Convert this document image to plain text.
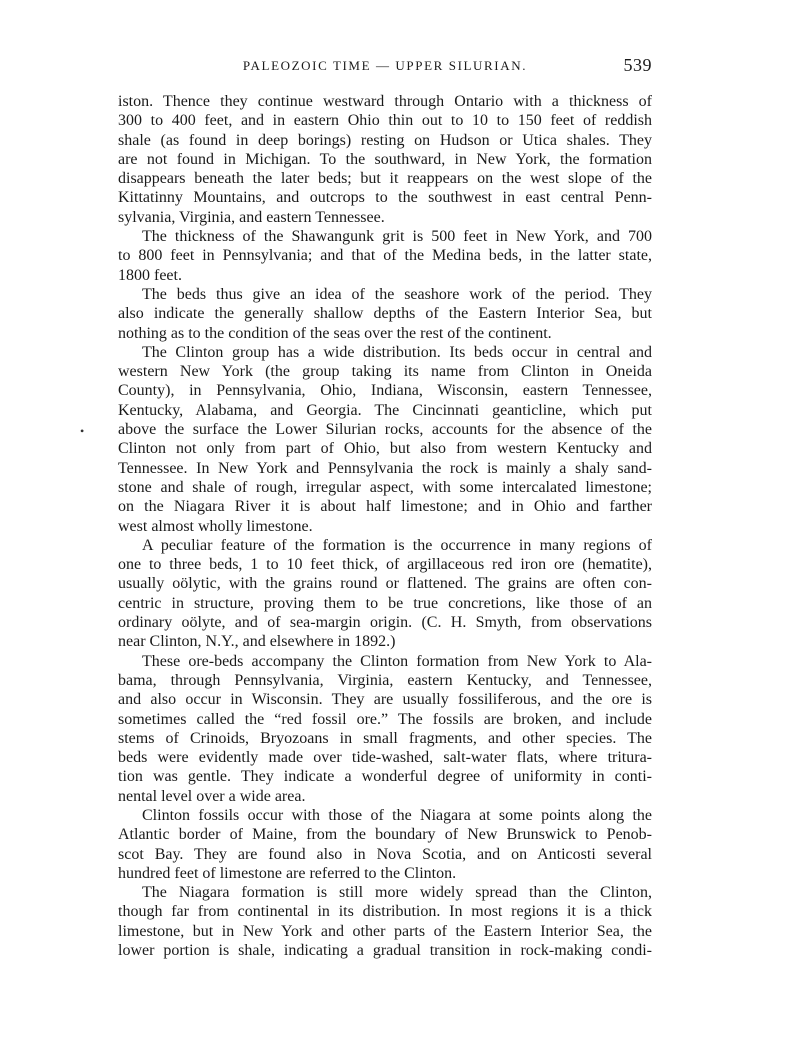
PALEOZOIC TIME — UPPER SILURIAN.	539
•
iston. Thence they continue westward through Ontario with a thickness of
300 to 400 feet, and in eastern Ohio thin out to 10 to 150 feet of reddish
shale (as found in deep borings) resting on Hudson or Utica shales. They
are not found in Michigan. To the southward, in New York, the formation
disappears beneath the later beds; but it reappears on the west slope of the
Kittatinny Mountains, and outcrops to the southwest in east central Penn-
sylvania, Virginia, and eastern Tennessee.
The thickness of the Shawangunk grit is 500 feet in New York, and 700
to 800 feet in Pennsylvania; and that of the Medina beds, in the latter state,
1800 feet.
The beds thus give an idea of the seashore work of the period. They
also indicate the generally shallow depths of the Eastern Interior Sea, but
nothing as to the condition of the seas over the rest of the continent.
The Clinton group has a wide distribution. Its beds occur in central and
western New York (the group taking its name from Clinton in Oneida
County), in Pennsylvania, Ohio, Indiana, Wisconsin, eastern Tennessee,
Kentucky, Alabama, and Georgia. The Cincinnati geanticline, which put
above the surface the Lower Silurian rocks, accounts for the absence of the
Clinton not only from part of Ohio, but also from western Kentucky and
Tennessee. In New York and Pennsylvania the rock is mainly a shaly sand-
stone and shale of rough, irregular aspect, with some intercalated limestone;
on the Niagara River it is about half limestone; and in Ohio and farther
west almost wholly limestone.
A peculiar feature of the formation is the occurrence in many regions of
one to three beds, 1 to 10 feet thick, of argillaceous red iron ore (hematite),
usually oölytic, with the grains round or flattened. The grains are often con-
centric in structure, proving them to be true concretions, like those of an
ordinary oölyte, and of sea-margin origin. (C. H. Smyth, from observations
near Clinton, N.Y., and elsewhere in 1892.)
These ore-beds accompany the Clinton formation from New York to Ala-
bama, through Pennsylvania, Virginia, eastern Kentucky, and Tennessee,
and also occur in Wisconsin. They are usually fossiliferous, and the ore is
sometimes called the “red fossil ore.” The fossils are broken, and include
stems of Crinoids, Bryozoans in small fragments, and other species. The
beds were evidently made over tide-washed, salt-water flats, where tritura-
tion was gentle. They indicate a wonderful degree of uniformity in conti-
nental level over a wide area.
Clinton fossils occur with those of the Niagara at some points along the
Atlantic border of Maine, from the boundary of New Brunswick to Penob-
scot Bay. They are found also in Nova Scotia, and on Anticosti several
hundred feet of limestone are referred to the Clinton.
The Niagara formation is still more widely spread than the Clinton,
though far from continental in its distribution. In most regions it is a thick
limestone, but in New York and other parts of the Eastern Interior Sea, the
lower portion is shale, indicating a gradual transition in rock-making condi-
